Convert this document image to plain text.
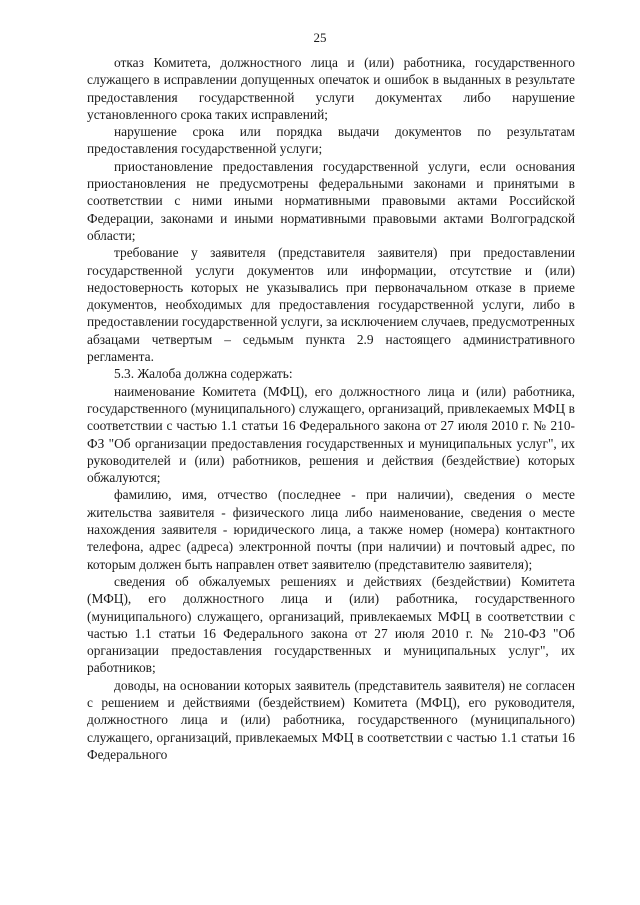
25

отказ Комитета, должностного лица и (или) работника, государственного служащего в исправлении допущенных опечаток и ошибок в выданных в результате предоставления государственной услуги документах либо нарушение установленного срока таких исправлений;

нарушение срока или порядка выдачи документов по результатам предоставления государственной услуги;

приостановление предоставления государственной услуги, если основания приостановления не предусмотрены федеральными законами и принятыми в соответствии с ними иными нормативными правовыми актами Российской Федерации, законами и иными нормативными правовыми актами Волгоградской области;

требование у заявителя (представителя заявителя) при предоставлении государственной услуги документов или информации, отсутствие и (или) недостоверность которых не указывались при первоначальном отказе в приеме документов, необходимых для предоставления государственной услуги, либо в предоставлении государственной услуги, за исключением случаев, предусмотренных абзацами четвертым – седьмым пункта 2.9 настоящего административного регламента.

5.3. Жалоба должна содержать:

наименование Комитета (МФЦ), его должностного лица и (или) работника, государственного (муниципального) служащего, организаций, привлекаемых МФЦ в соответствии с частью 1.1 статьи 16 Федерального закона от 27 июля 2010 г. № 210-ФЗ "Об организации предоставления государственных и муниципальных услуг", их руководителей и (или) работников, решения и действия (бездействие) которых обжалуются;

фамилию, имя, отчество (последнее - при наличии), сведения о месте жительства заявителя - физического лица либо наименование, сведения о месте нахождения заявителя - юридического лица, а также номер (номера) контактного телефона, адрес (адреса) электронной почты (при наличии) и почтовый адрес, по которым должен быть направлен ответ заявителю (представителю заявителя);

сведения об обжалуемых решениях и действиях (бездействии) Комитета (МФЦ), его должностного лица и (или) работника, государственного (муниципального) служащего, организаций, привлекаемых МФЦ в соответствии с частью 1.1 статьи 16 Федерального закона от 27 июля 2010 г. № 210-ФЗ "Об организации предоставления государственных и муниципальных услуг", их работников;

доводы, на основании которых заявитель (представитель заявителя) не согласен с решением и действиями (бездействием) Комитета (МФЦ), его руководителя, должностного лица и (или) работника, государственного (муниципального) служащего, организаций, привлекаемых МФЦ в соответствии с частью 1.1 статьи 16 Федерального
